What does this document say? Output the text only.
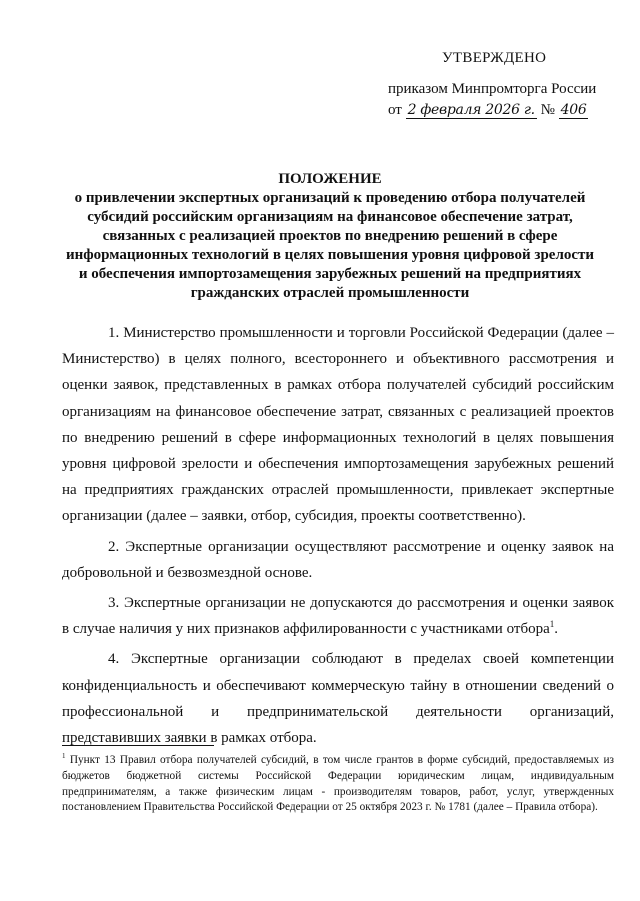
УТВЕРЖДЕНО
приказом Минпромторга России
от 2 февраля 2026 г. № 406
ПОЛОЖЕНИЕ
о привлечении экспертных организаций к проведению отбора получателей
субсидий российским организациям на финансовое обеспечение затрат,
связанных с реализацией проектов по внедрению решений в сфере
информационных технологий в целях повышения уровня цифровой зрелости
и обеспечения импортозамещения зарубежных решений на предприятиях
гражданских отраслей промышленности

1. Министерство промышленности и торговли Российской Федерации (далее – Министерство) в целях полного, всестороннего и объективного рассмотрения и оценки заявок, представленных в рамках отбора получателей субсидий российским организациям на финансовое обеспечение затрат, связанных с реализацией проектов по внедрению решений в сфере информационных технологий в целях повышения уровня цифровой зрелости и обеспечения импортозамещения зарубежных решений на предприятиях гражданских отраслей промышленности, привлекает экспертные организации (далее – заявки, отбор, субсидия, проекты соответственно).

2. Экспертные организации осуществляют рассмотрение и оценку заявок на добровольной и безвозмездной основе.

3. Экспертные организации не допускаются до рассмотрения и оценки заявок в случае наличия у них признаков аффилированности с участниками отбора$^1$.

4. Экспертные организации соблюдают в пределах своей компетенции конфиденциальность и обеспечивают коммерческую тайну в отношении сведений о профессиональной и предпринимательской деятельности организаций, представивших заявки в рамках отбора.

$^1$ Пункт 13 Правил отбора получателей субсидий, в том числе грантов в форме субсидий, предоставляемых из бюджетов бюджетной системы Российской Федерации юридическим лицам, индивидуальным предпринимателям, а также физическим лицам - производителям товаров, работ, услуг, утвержденных постановлением Правительства Российской Федерации от 25 октября 2023 г. № 1781 (далее – Правила отбора).
